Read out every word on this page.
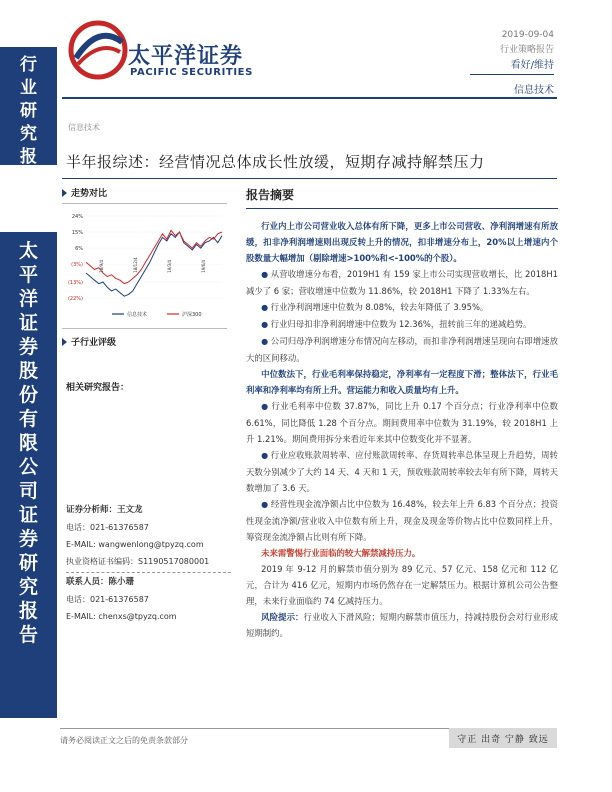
行
业
研
究
报
告
太
平
洋
证
券
股
份
有
限
公
司
证
券
研
究
报
告
太平洋证券
PACIFIC SECURITIES
2019-09-04
行业策略报告
看好/维持
信息技术
信息技术
半年报综述：经营情况总体成长性放缓，短期存减持解禁压力
走势对比
24%
15%
6%
(3%)
(13%)
(22%)
18/9/4	18/12/4	19/3/4	19/6/4
信息技术	沪深300
子行业评级
相关研究报告：
证券分析师：王文龙
电话：021-61376587
E-MAIL: wangwenlong@tpyzq.com
执业资格证书编码：S1190517080001
联系人员：陈小珊
电话：021-61376587
E-MAIL: chenxs@tpyzq.com
报告摘要

行业内上市公司营业收入总体有所下降，更多上市公司营收、净利润增速有所放缓，扣非净利润增速则出现反转上升的情况，扣非增速分布上，20%以上增速内个股数量大幅增加（剔除增速>100%和<-100%的个股）。

● 从营收增速分布看，2019H1 有 159 家上市公司实现营收增长，比 2018H1 减少了 6 家；营收增速中位数为 11.86%，较 2018H1 下降了 1.33%左右。

● 行业净利润增速中位数为 8.08%，较去年降低了 3.95%。

● 行业归母扣非净利润增速中位数为 12.36%，扭转前三年的递减趋势。

● 公司归母净利润增速分布情况向左移动，而扣非净利润增速呈现向右即增速放大的区间移动。

中位数法下，行业毛利率保持稳定，净利率有一定程度下滑；整体法下，行业毛利率和净利率均有所上升。营运能力和收入质量均有上升。

● 行业毛利率中位数 37.87%，同比上升 0.17 个百分点；行业净利率中位数 6.61%，同比降低 1.28 个百分点。期间费用率中位数为 31.19%，较 2018H1 上升 1.21%。期间费用拆分来看近年来其中位数变化并不显著。

● 行业应收账款周转率、应付账款周转率、存货周转率总体呈现上升趋势，周转天数分别减少了大约 14 天、4 天和 1 天，预收账款周转率较去年有所下降，周转天数增加了 3.6 天。

● 经营性现金流净额占比中位数为 16.48%，较去年上升 6.83 个百分点；投资性现金流净额/营业收入中位数有所上升，现金及现金等价物占比中位数同样上升，筹资现金流净额占比则有所下降。

未来需警惕行业面临的较大解禁减持压力。

2019 年 9-12 月的解禁市值分别为 89 亿元、57 亿元、158 亿元和 112 亿元，合计为 416 亿元，短期内市场仍然存在一定解禁压力。根据计算机公司公告整理，未来行业面临约 74 亿减持压力。

风险提示：行业收入下滑风险；短期内解禁市值压力，持减持股份会对行业形成短期制约。

请务必阅读正文之后的免责条款部分	守正 出奇 宁静 致远
